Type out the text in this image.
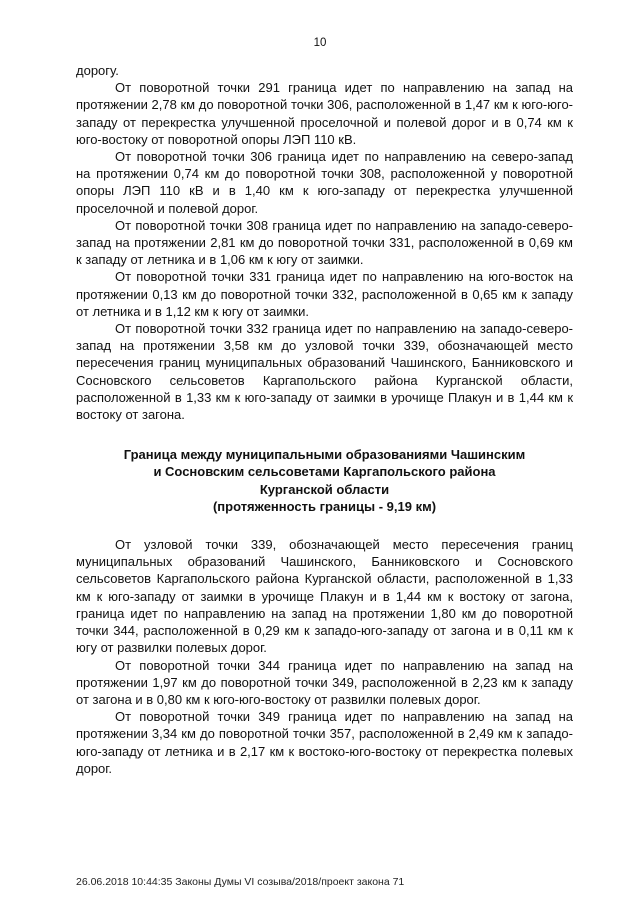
10

дорогу.

От поворотной точки 291 граница идет по направлению на запад на протяжении 2,78 км до поворотной точки 306, расположенной в 1,47 км к юго-юго-западу от перекрестка улучшенной проселочной и полевой дорог и в 0,74 км к юго-востоку от поворотной опоры ЛЭП 110 кВ.

От поворотной точки 306 граница идет по направлению на северо-запад на протяжении 0,74 км до поворотной точки 308, расположенной у поворотной опоры ЛЭП 110 кВ и в 1,40 км к юго-западу от перекрестка улучшенной проселочной и полевой дорог.

От поворотной точки 308 граница идет по направлению на западо-северо-запад на протяжении 2,81 км до поворотной точки 331, расположенной в 0,69 км к западу от летника и в 1,06 км к югу от заимки.

От поворотной точки 331 граница идет по направлению на юго-восток на протяжении 0,13 км до поворотной точки 332, расположенной в 0,65 км к западу от летника и в 1,12 км к югу от заимки.

От поворотной точки 332 граница идет по направлению на западо-северо-запад на протяжении 3,58 км до узловой точки 339, обозначающей место пересечения границ муниципальных образований Чашинского, Банниковского и Сосновского сельсоветов Каргапольского района Курганской области, расположенной в 1,33 км к юго-западу от заимки в урочище Плакун и в 1,44 км к востоку от загона.

Граница между муниципальными образованиями Чашинским
и Сосновским сельсоветами Каргапольского района
Курганской области
(протяженность границы - 9,19 км)

От узловой точки 339, обозначающей место пересечения границ муниципальных образований Чашинского, Банниковского и Сосновского сельсоветов Каргапольского района Курганской области, расположенной в 1,33 км к юго-западу от заимки в урочище Плакун и в 1,44 км к востоку от загона, граница идет по направлению на запад на протяжении 1,80 км до поворотной точки 344, расположенной в 0,29 км к западо-юго-западу от загона и в 0,11 км к югу от развилки полевых дорог.

От поворотной точки 344 граница идет по направлению на запад на протяжении 1,97 км до поворотной точки 349, расположенной в 2,23 км к западу от загона и в 0,80 км к юго-юго-востоку от развилки полевых дорог.

От поворотной точки 349 граница идет по направлению на запад на протяжении 3,34 км до поворотной точки 357, расположенной в 2,49 км к западо-юго-западу от летника и в 2,17 км к востоко-юго-востоку от перекрестка полевых дорог.

26.06.2018 10:44:35 Законы Думы VI созыва/2018/проект закона 71
